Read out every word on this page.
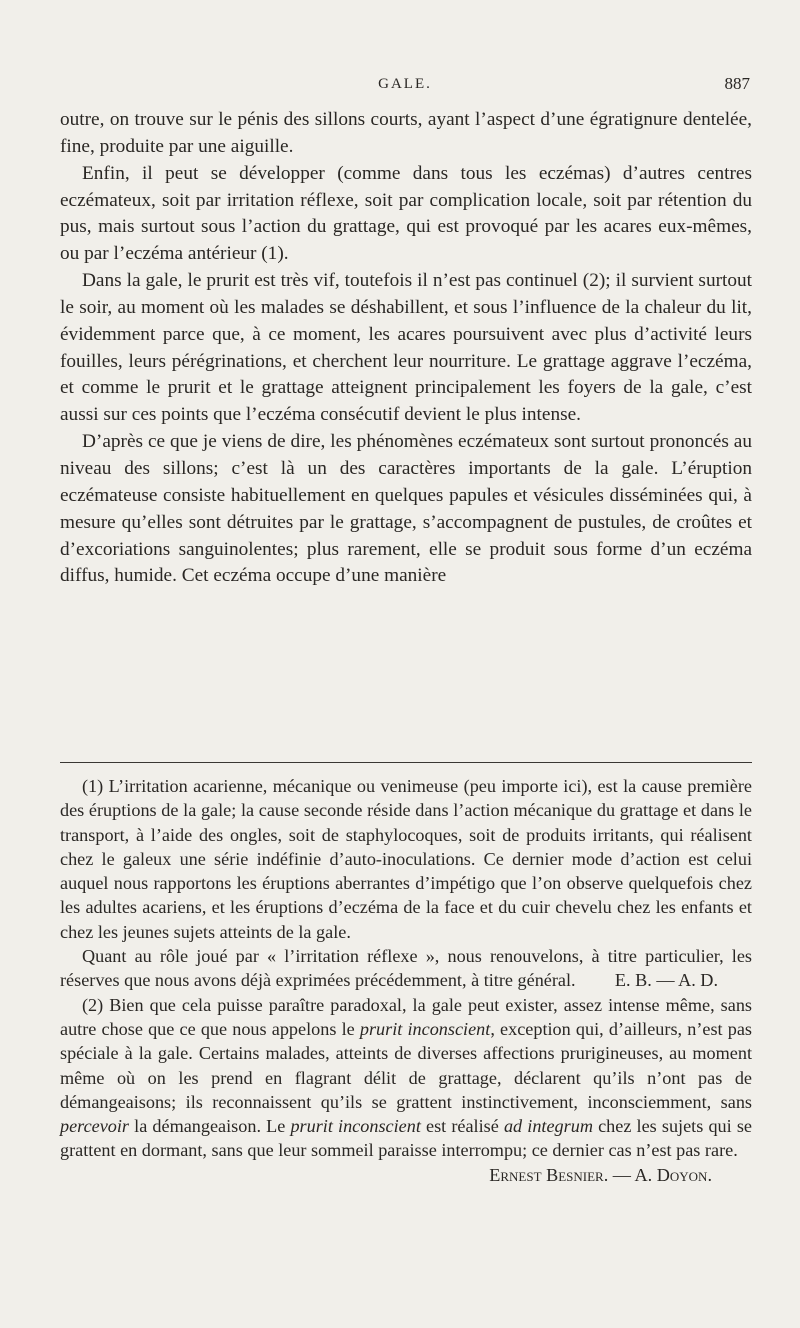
GALE.	887

outre, on trouve sur le pénis des sillons courts, ayant l’aspect d’une égratignure dentelée, fine, produite par une aiguille.

Enfin, il peut se développer (comme dans tous les eczémas) d’autres centres eczémateux, soit par irritation réflexe, soit par complication locale, soit par rétention du pus, mais surtout sous l’action du grattage, qui est provoqué par les acares eux-mêmes, ou par l’eczéma antérieur (1).

Dans la gale, le prurit est très vif, toutefois il n’est pas continuel (2); il survient surtout le soir, au moment où les malades se déshabillent, et sous l’influence de la chaleur du lit, évidemment parce que, à ce moment, les acares poursuivent avec plus d’activité leurs fouilles, leurs pérégrinations, et cherchent leur nourriture. Le grattage aggrave l’eczéma, et comme le prurit et le grattage atteignent principalement les foyers de la gale, c’est aussi sur ces points que l’eczéma consécutif devient le plus intense.

D’après ce que je viens de dire, les phénomènes eczémateux sont surtout prononcés au niveau des sillons; c’est là un des caractères importants de la gale. L’éruption eczémateuse consiste habituellement en quelques papules et vésicules disséminées qui, à mesure qu’elles sont détruites par le grattage, s’accompagnent de pustules, de croûtes et d’excoriations sanguinolentes; plus rarement, elle se produit sous forme d’un eczéma diffus, humide. Cet eczéma occupe d’une manière

(1) L’irritation acarienne, mécanique ou venimeuse (peu importe ici), est la cause première des éruptions de la gale; la cause seconde réside dans l’action mécanique du grattage et dans le transport, à l’aide des ongles, soit de staphylocoques, soit de produits irritants, qui réalisent chez le galeux une série indéfinie d’auto-inoculations. Ce dernier mode d’action est celui auquel nous rapportons les éruptions aberrantes d’impétigo que l’on observe quelquefois chez les adultes acariens, et les éruptions d’eczéma de la face et du cuir chevelu chez les enfants et chez les jeunes sujets atteints de la gale.

Quant au rôle joué par « l’irritation réflexe », nous renouvelons, à titre particulier, les réserves que nous avons déjà exprimées précédemment, à titre général.	E. B. — A. D.

(2) Bien que cela puisse paraître paradoxal, la gale peut exister, assez intense même, sans autre chose que ce que nous appelons le prurit inconscient, exception qui, d’ailleurs, n’est pas spéciale à la gale. Certains malades, atteints de diverses affections prurigineuses, au moment même où on les prend en flagrant délit de grattage, déclarent qu’ils n’ont pas de démangeaisons; ils reconnaissent qu’ils se grattent instinctivement, inconsciemment, sans percevoir la démangeaison. Le prurit inconscient est réalisé ad integrum chez les sujets qui se grattent en dormant, sans que leur sommeil paraisse interrompu; ce dernier cas n’est pas rare.
Ernest Besnier. — A. Doyon.
